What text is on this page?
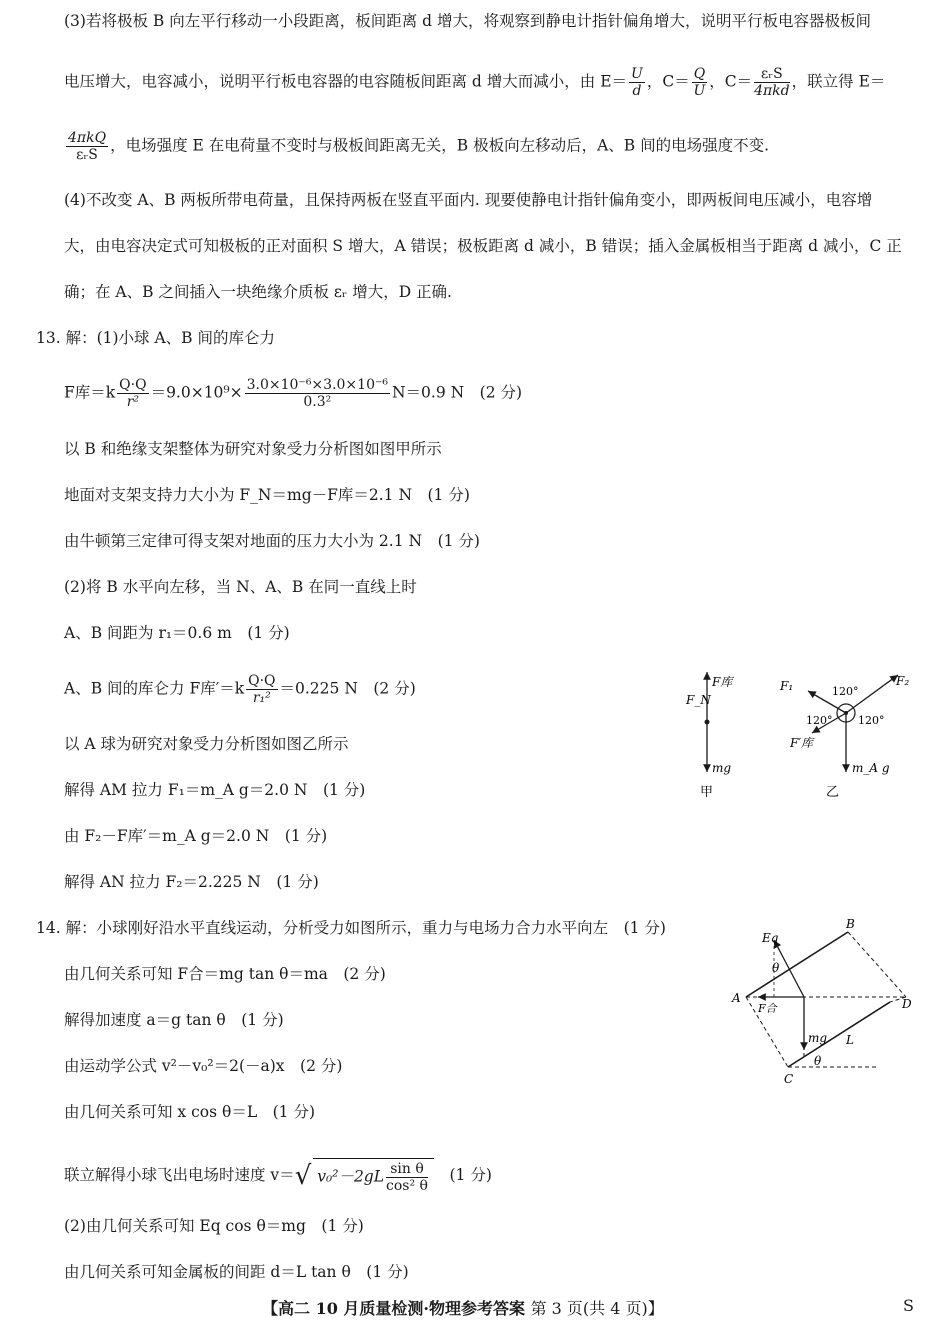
(3)若将极板 B 向左平行移动一小段距离，板间距离 d 增大，将观察到静电计指针偏角增大，说明平行板电容器极板间
电压增大，电容减小，说明平行板电容器的电容随板间距离 d 增大而减小，由 $E= \frac{U}{d}$ ，$C= \frac{Q}{U}$ ，$C= \frac{\text{εᵣS}}{\text{4πkd}}$ ，联立得 E＝
$\frac{\text{4πkQ}}{\text{εᵣS}}$ ，电场强度 E 在电荷量不变时与极板间距离无关，B 极板向左移动后，A、B 间的电场强度不变.
(4)不改变 A、B 两板所带电荷量，且保持两板在竖直平面内. 现要使静电计指针偏角变小，即两板间电压减小，电容增
大，由电容决定式可知极板的正对面积 S 增大，A 错误；极板距离 d 减小，B 错误；插入金属板相当于距离 d 减小，C 正
确；在 A、B 之间插入一块绝缘介质板 εᵣ 增大，D 正确.
13. 解：(1)小球 A、B 间的库仑力
F库$=k \frac{Q\cdot Q}{\text{r²}} =9.0\times 10^9\times \frac{\text{3.0×10⁻⁶×3.0×10⁻⁶}}{\text{0.3²}} N=0.9$ N　(2 分)
以 B 和绝缘支架整体为研究对象受力分析图如图甲所示
地面对支架支持力大小为 F_N＝mg－F库＝2.1 N　(1 分)
由牛顿第三定律可得支架对地面的压力大小为 2.1 N　(1 分)
(2)将 B 水平向左移，当 N、A、B 在同一直线上时
A、B 间距为 r₁＝0.6 m　(1 分)
A、B 间的库仑力 F库$'=k \frac{Q\cdot Q}{\text{r₁²}} =0.225$ N　(2 分)
以 A 球为研究对象受力分析图如图乙所示
解得 AM 拉力 F₁＝m_A g＝2.0 N　(1 分)
由 F₂－F库′＝m_A g＝2.0 N　(1 分)
解得 AN 拉力 F₂＝2.225 N　(1 分)
F库
F_N
mg
甲
F₁	F₂
F′库
m_A g
120°
120° 120°
乙
14. 解：小球刚好沿水平直线运动，分析受力如图所示，重力与电场力合力水平向左　(1 分)
由几何关系可知 F合＝mg tan θ＝ma　(2 分)
解得加速度 a＝g tan θ　(1 分)
由运动学公式 v²－v₀²＝2(－a)x　(2 分)
由几何关系可知 x cos θ＝L　(1 分)
联立解得小球飞出电场时速度 v＝√ $v_0^2-2gL \frac{\text{sin θ}}{\text{cos² θ}}$
　 (1 分)
(2)由几何关系可知 Eq cos θ＝mg　(1 分)
由几何关系可知金属板的间距 d＝L tan θ　(1 分)
Eq
B
A	D
C
θ
θ
F合
mg L
【高二 10 月质量检测·物理参考答案 第 3 页(共 4 页)】	S
